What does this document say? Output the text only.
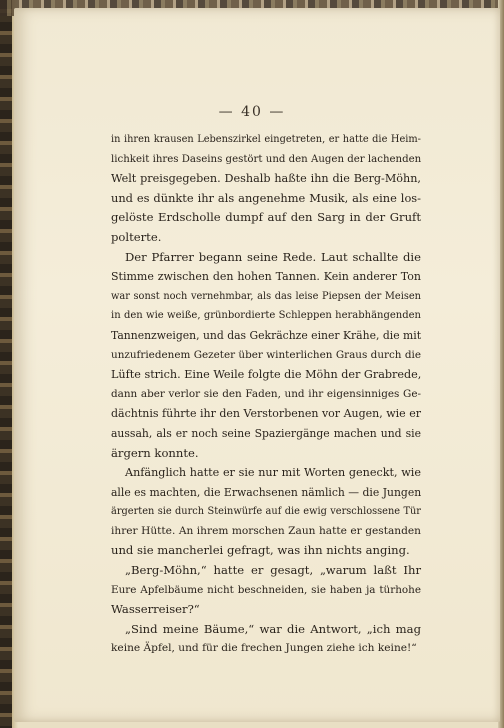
— 40 —
in ihren krausen Lebenszirkel eingetreten, er hatte die Heim-
lichkeit ihres Daseins gestört und den Augen der lachenden
Welt preisgegeben. Deshalb haßte ihn die Berg-Möhn,
und es dünkte ihr als angenehme Musik, als eine los-
gelöste Erdscholle dumpf auf den Sarg in der Gruft
polterte.
Der Pfarrer begann seine Rede. Laut schallte die
Stimme zwischen den hohen Tannen. Kein anderer Ton
war sonst noch vernehmbar, als das leise Piepsen der Meisen
in den wie weiße, grünbordierte Schleppen herabhängenden
Tannenzweigen, und das Gekrächze einer Krähe, die mit
unzufriedenem Gezeter über winterlichen Graus durch die
Lüfte strich. Eine Weile folgte die Möhn der Grabrede,
dann aber verlor sie den Faden, und ihr eigensinniges Ge-
dächtnis führte ihr den Verstorbenen vor Augen, wie er
aussah, als er noch seine Spaziergänge machen und sie
ärgern konnte.
Anfänglich hatte er sie nur mit Worten geneckt, wie
alle es machten, die Erwachsenen nämlich — die Jungen
ärgerten sie durch Steinwürfe auf die ewig verschlossene Tür
ihrer Hütte. An ihrem morschen Zaun hatte er gestanden
und sie mancherlei gefragt, was ihn nichts anging.
„Berg-Möhn,“ hatte er gesagt, „warum laßt Ihr
Eure Apfelbäume nicht beschneiden, sie haben ja türhohe
Wasserreiser?“
„Sind meine Bäume,“ war die Antwort, „ich mag
keine Äpfel, und für die frechen Jungen ziehe ich keine!“
